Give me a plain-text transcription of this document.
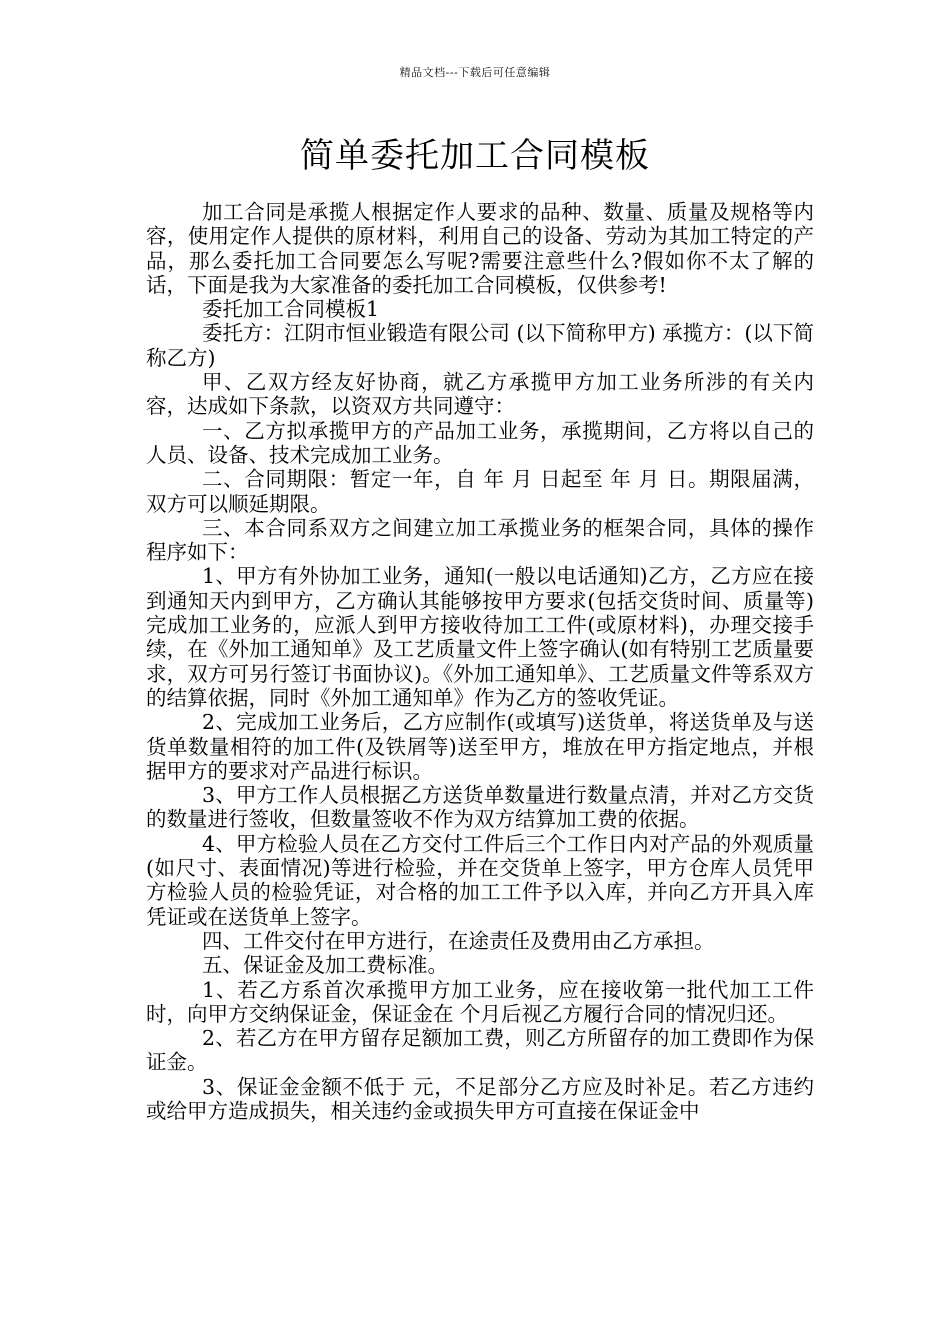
精品文档---下载后可任意编辑
简单委托加工合同模板

加工合同是承揽人根据定作人要求的品种、数量、质量及规格等内容，使用定作人提供的原材料，利用自己的设备、劳动为其加工特定的产品，那么委托加工合同要怎么写呢?需要注意些什么?假如你不太了解的话，下面是我为大家准备的委托加工合同模板，仅供参考!

委托加工合同模板1

委托方：江阴市恒业锻造有限公司 (以下简称甲方) 承揽方：(以下简称乙方)

甲、乙双方经友好协商，就乙方承揽甲方加工业务所涉的有关内容，达成如下条款，以资双方共同遵守：

一、乙方拟承揽甲方的产品加工业务，承揽期间，乙方将以自己的人员、设备、技术完成加工业务。

二、合同期限：暂定一年，自 年 月 日起至 年 月 日。期限届满，双方可以顺延期限。

三、本合同系双方之间建立加工承揽业务的框架合同，具体的操作程序如下：

1、甲方有外协加工业务，通知(一般以电话通知)乙方，乙方应在接到通知天内到甲方，乙方确认其能够按甲方要求(包括交货时间、质量等)完成加工业务的，应派人到甲方接收待加工工件(或原材料)，办理交接手续，在《外加工通知单》及工艺质量文件上签字确认(如有特别工艺质量要求，双方可另行签订书面协议)。《外加工通知单》、工艺质量文件等系双方的结算依据，同时《外加工通知单》作为乙方的签收凭证。

2、完成加工业务后，乙方应制作(或填写)送货单，将送货单及与送货单数量相符的加工件(及铁屑等)送至甲方，堆放在甲方指定地点，并根据甲方的要求对产品进行标识。

3、甲方工作人员根据乙方送货单数量进行数量点清，并对乙方交货的数量进行签收，但数量签收不作为双方结算加工费的依据。

4、甲方检验人员在乙方交付工件后三个工作日内对产品的外观质量(如尺寸、表面情况)等进行检验，并在交货单上签字，甲方仓库人员凭甲方检验人员的检验凭证，对合格的加工工件予以入库，并向乙方开具入库凭证或在送货单上签字。

四、工件交付在甲方进行，在途责任及费用由乙方承担。

五、保证金及加工费标准。

1、若乙方系首次承揽甲方加工业务，应在接收第一批代加工工件时，向甲方交纳保证金，保证金在 个月后视乙方履行合同的情况归还。

2、若乙方在甲方留存足额加工费，则乙方所留存的加工费即作为保证金。

3、保证金金额不低于 元，不足部分乙方应及时补足。若乙方违约或给甲方造成损失，相关违约金或损失甲方可直接在保证金中
